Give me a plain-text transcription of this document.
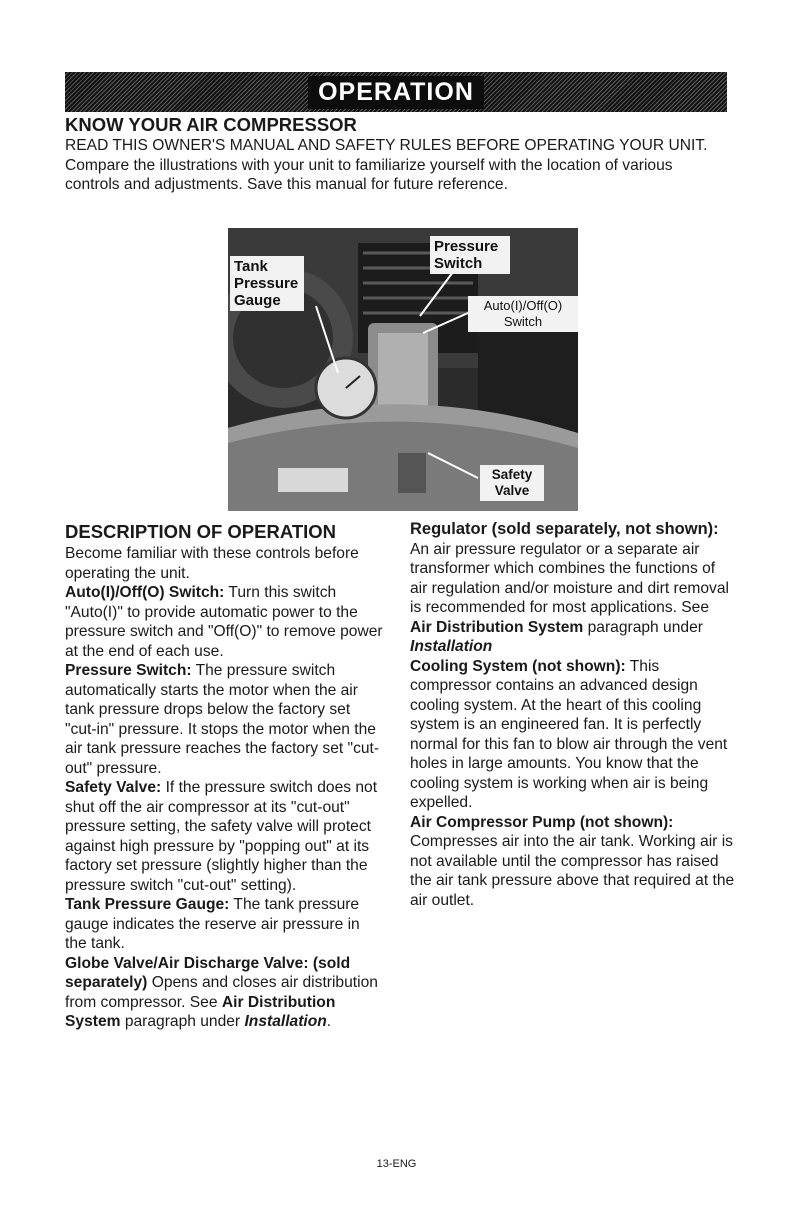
OPERATION
KNOW YOUR AIR COMPRESSOR

READ THIS OWNER'S MANUAL AND SAFETY RULES BEFORE OPERATING YOUR UNIT. Compare the illustrations with your unit to familiarize yourself with the location of various controls and adjustments. Save this manual for future reference.

Tank Pressure Gauge
Pressure Switch
Auto(I)/Off(O) Switch
Safety Valve
DESCRIPTION OF OPERATION

Become familiar with these controls before operating the unit.

Auto(I)/Off(O) Switch: Turn this switch "Auto(I)" to provide automatic power to the pressure switch and "Off(O)" to remove power at the end of each use.

Pressure Switch: The pressure switch automatically starts the motor when the air tank pressure drops below the factory set "cut-in" pressure. It stops the motor when the air tank pressure reaches the factory set "cut-out" pressure.

Safety Valve: If the pressure switch does not shut off the air compressor at its "cut-out" pressure setting, the safety valve will protect against high pressure by "popping out" at its factory set pressure (slightly higher than the pressure switch "cut-out" setting).

Tank Pressure Gauge: The tank pressure gauge indicates the reserve air pressure in the tank.

Globe Valve/Air Discharge Valve: (sold separately) Opens and closes air distribution from compressor. See Air Distribution System paragraph under Installation.

Regulator (sold separately, not shown): An air pressure regulator or a separate air transformer which combines the functions of air regulation and/or moisture and dirt removal is recommended for most applications. See Air Distribution System paragraph under Installation

Cooling System (not shown): This compressor contains an advanced design cooling system. At the heart of this cooling system is an engineered fan. It is perfectly normal for this fan to blow air through the vent holes in large amounts. You know that the cooling system is working when air is being expelled.

Air Compressor Pump (not shown): Compresses air into the air tank. Working air is not available until the compressor has raised the air tank pressure above that required at the air outlet.

13-ENG
